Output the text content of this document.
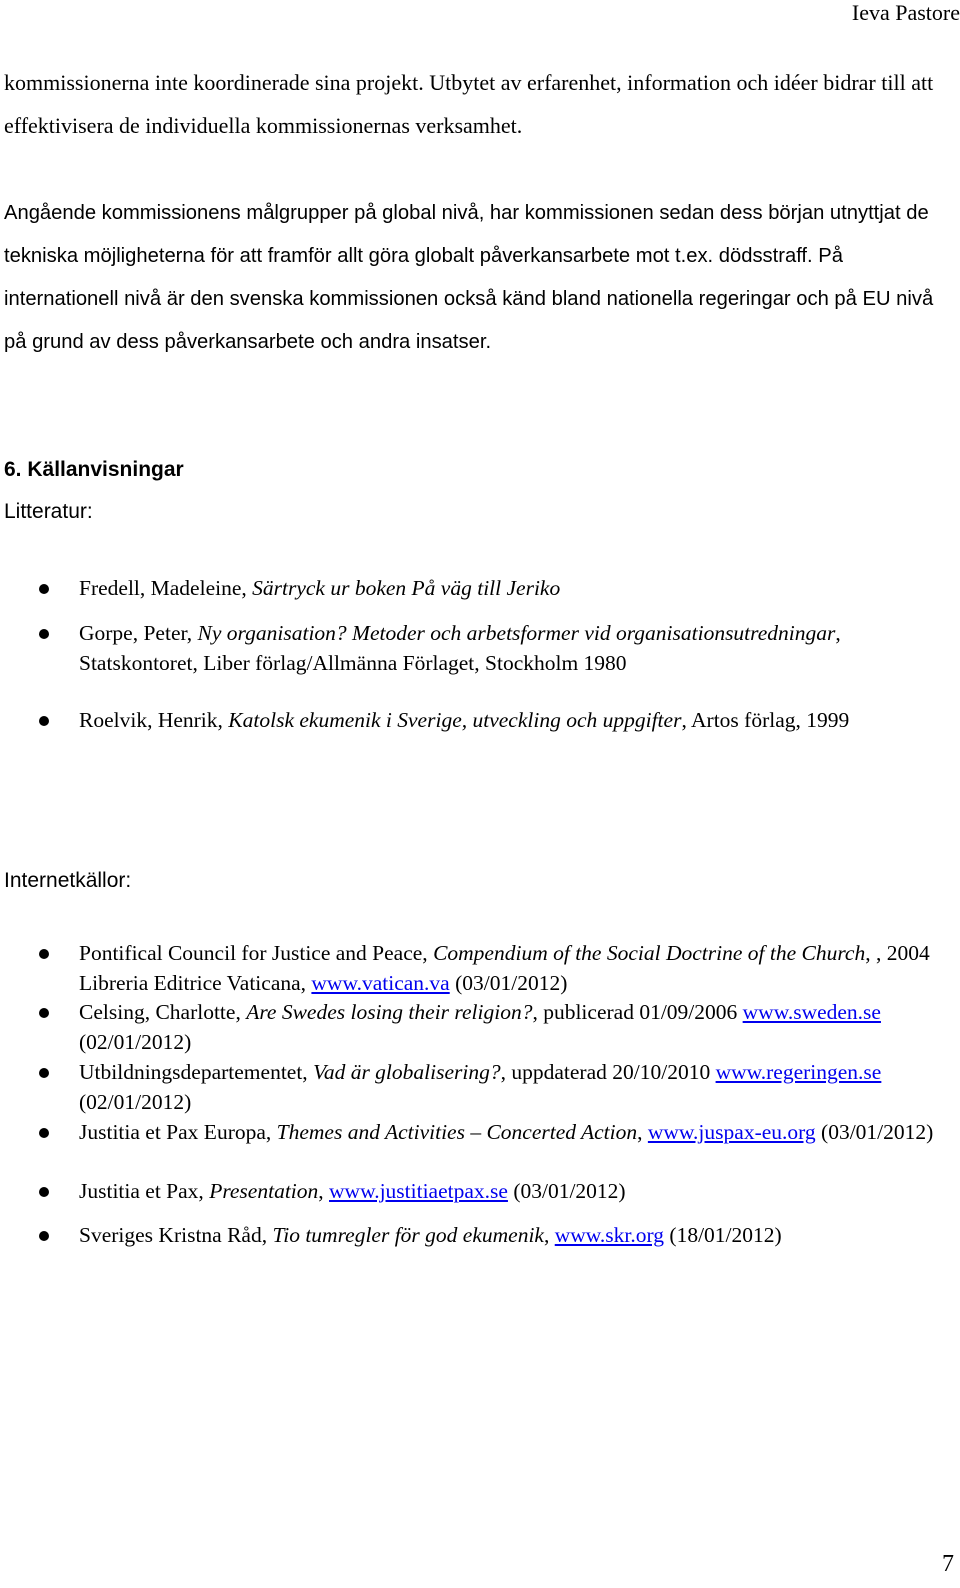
Ieva Pastore
kommissionerna inte koordinerade sina projekt. Utbytet av erfarenhet, information och idéer bidrar till att effektivisera de individuella kommissionernas verksamhet.
Angående kommissionens målgrupper på global nivå, har kommissionen sedan dess början utnyttjat de tekniska möjligheterna för att framför allt göra globalt påverkansarbete mot t.ex. dödsstraff. På internationell nivå är den svenska kommissionen också känd bland nationella regeringar och på EU nivå på grund av dess påverkansarbete och andra insatser.
6. Källanvisningar
Litteratur:
Fredell, Madeleine, Särtryck ur boken På väg till Jeriko
Gorpe, Peter, Ny organisation? Metoder och arbetsformer vid organisationsutredningar, Statskontoret, Liber förlag/Allmänna Förlaget, Stockholm 1980
Roelvik, Henrik, Katolsk ekumenik i Sverige, utveckling och uppgifter, Artos förlag, 1999
Internetkällor:
Pontifical Council for Justice and Peace, Compendium of the Social Doctrine of the Church, , 2004 Libreria Editrice Vaticana, www.vatican.va (03/01/2012)
Celsing, Charlotte, Are Swedes losing their religion?, publicerad 01/09/2006 www.sweden.se (02/01/2012)
Utbildningsdepartementet, Vad är globalisering?, uppdaterad 20/10/2010 www.regeringen.se (02/01/2012)
Justitia et Pax Europa, Themes and Activities – Concerted Action, www.juspax-eu.org (03/01/2012)
Justitia et Pax, Presentation, www.justitiaetpax.se (03/01/2012)
Sveriges Kristna Råd, Tio tumregler för god ekumenik, www.skr.org (18/01/2012)
7
